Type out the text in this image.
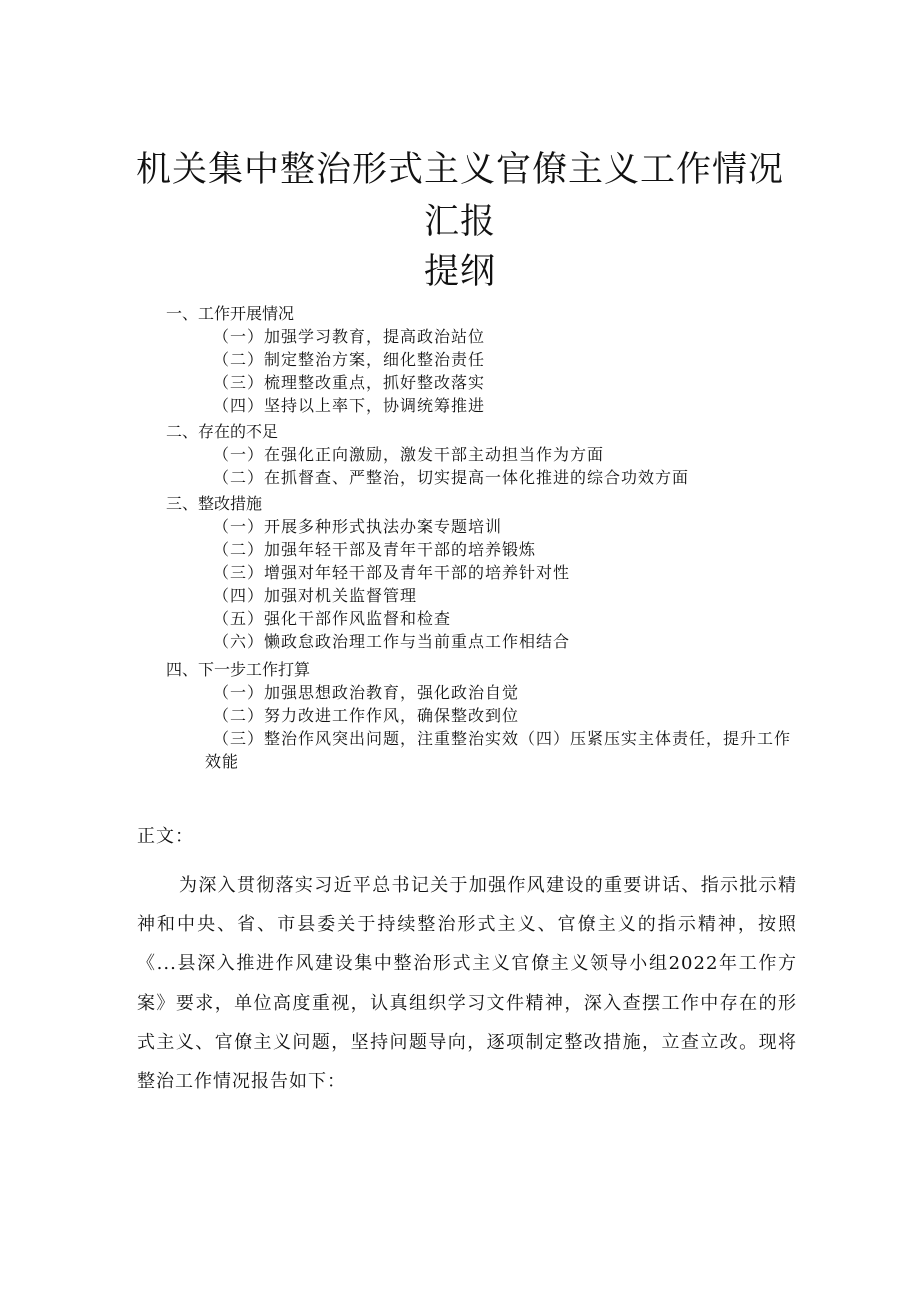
机关集中整治形式主义官僚主义工作情况
汇报
提纲
一、工作开展情况
（一）加强学习教育，提高政治站位
（二）制定整治方案，细化整治责任
（三）梳理整改重点，抓好整改落实
（四）坚持以上率下，协调统筹推进
二、存在的不足
（一）在强化正向激励，激发干部主动担当作为方面
（二）在抓督查、严整治，切实提高一体化推进的综合功效方面
三、整改措施
（一）开展多种形式执法办案专题培训
（二）加强年轻干部及青年干部的培养锻炼
（三）增强对年轻干部及青年干部的培养针对性
（四）加强对机关监督管理
（五）强化干部作风监督和检查
（六）懒政怠政治理工作与当前重点工作相结合
四、下一步工作打算
（一）加强思想政治教育，强化政治自觉
（二）努力改进工作作风，确保整改到位
（三）整治作风突出问题，注重整治实效（四）压紧压实主体责任，提升工作效能
正文：
为深入贯彻落实习近平总书记关于加强作风建设的重要讲话、指示批示精神和中央、省、市县委关于持续整治形式主义、官僚主义的指示精神，按照《...县深入推进作风建设集中整治形式主义官僚主义领导小组2022年工作方案》要求，单位高度重视，认真组织学习文件精神，深入查摆工作中存在的形式主义、官僚主义问题，坚持问题导向，逐项制定整改措施，立查立改。现将整治工作情况报告如下：
